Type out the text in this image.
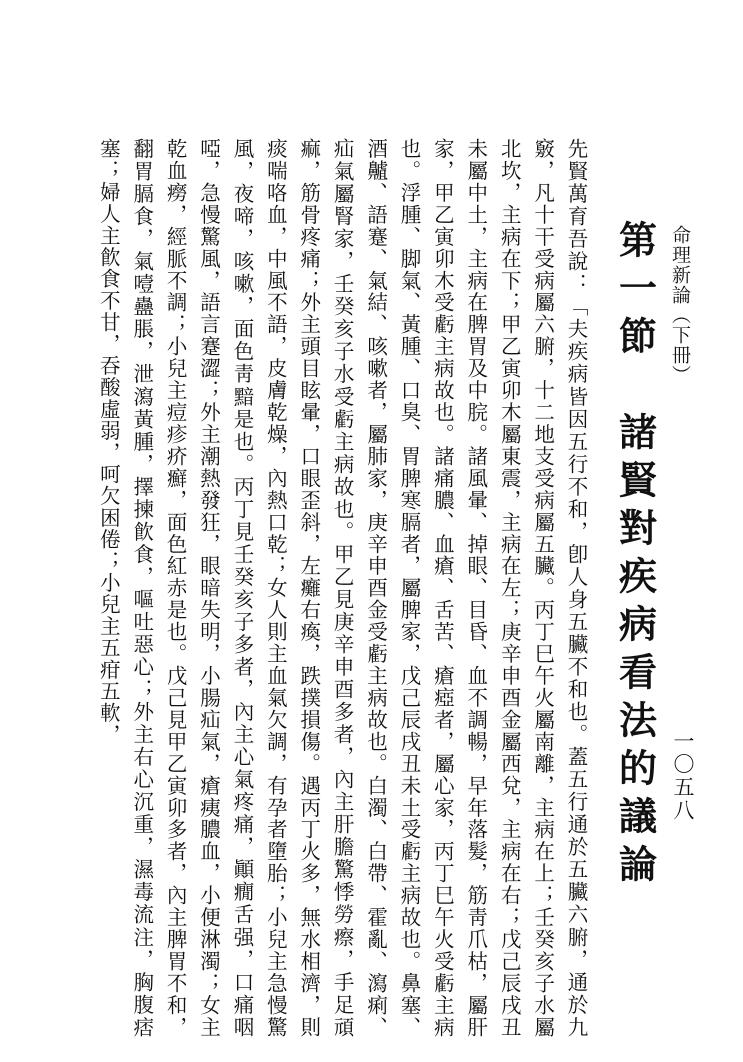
命理新論（下冊）
一〇五八
第一節　諸賢對疾病看法的議論

先賢萬育吾說：「夫疾病皆因五行不和，卽人身五臟不和也。蓋五行通於五臟六腑，通於九竅，凡十干受病屬六腑，十二地支受病屬五臟。丙丁巳午火屬南離，主病在上；壬癸亥子水屬北坎，主病在下；甲乙寅卯木屬東震，主病在左；庚辛申酉金屬西兌，主病在右；戊己辰戌丑未屬中土，主病在脾胃及中脘。諸風暈、掉眼、目昏、血不調暢，早年落髮，筋靑爪枯，屬肝家，甲乙寅卯木受虧主病故也。諸痛膿、血瘡、舌苦、瘡瘂者，屬心家，丙丁巳午火受虧主病也。浮腫、脚氣、黃腫、口臭、胃脾寒膈者，屬脾家，戊己辰戌丑未土受虧主病故也。鼻塞、酒齇、語蹇、氣結、咳嗽者，屬肺家，庚辛申酉金受虧主病故也。白濁、白帶、霍亂、瀉痢、疝氣屬腎家，壬癸亥子水受虧主病故也。甲乙見庚辛申酉多者，內主肝膽驚悸勞瘵，手足頑痲，筋骨疼痛；外主頭目眩暈，口眼歪斜，左癱右瘓，跌撲損傷。遇丙丁火多，無水相濟，則痰喘咯血，中風不語，皮膚乾燥，內熱口乾；女人則主血氣欠調，有孕者墮胎；小兒主急慢驚風，夜啼，咳嗽，面色靑黯是也。丙丁見壬癸亥子多者，內主心氣疼痛，顚癇舌强，口痛咽啞，急慢驚風，語言蹇澀；外主潮熱發狂，眼暗失明，小腸疝氣，瘡痍膿血，小便淋濁；女主乾血癆，經脈不調；小兒主痘疹疥癬，面色紅赤是也。戊己見甲乙寅卯多者，內主脾胃不和，翻胃膈食，氣噎蠱脹，泄瀉黃腫，擇揀飮食，嘔吐惡心；外主右心沉重，濕毒流注，胸腹痞塞；婦人主飮食不甘，吞酸虛弱，呵欠困倦；小兒主五疳五軟，
